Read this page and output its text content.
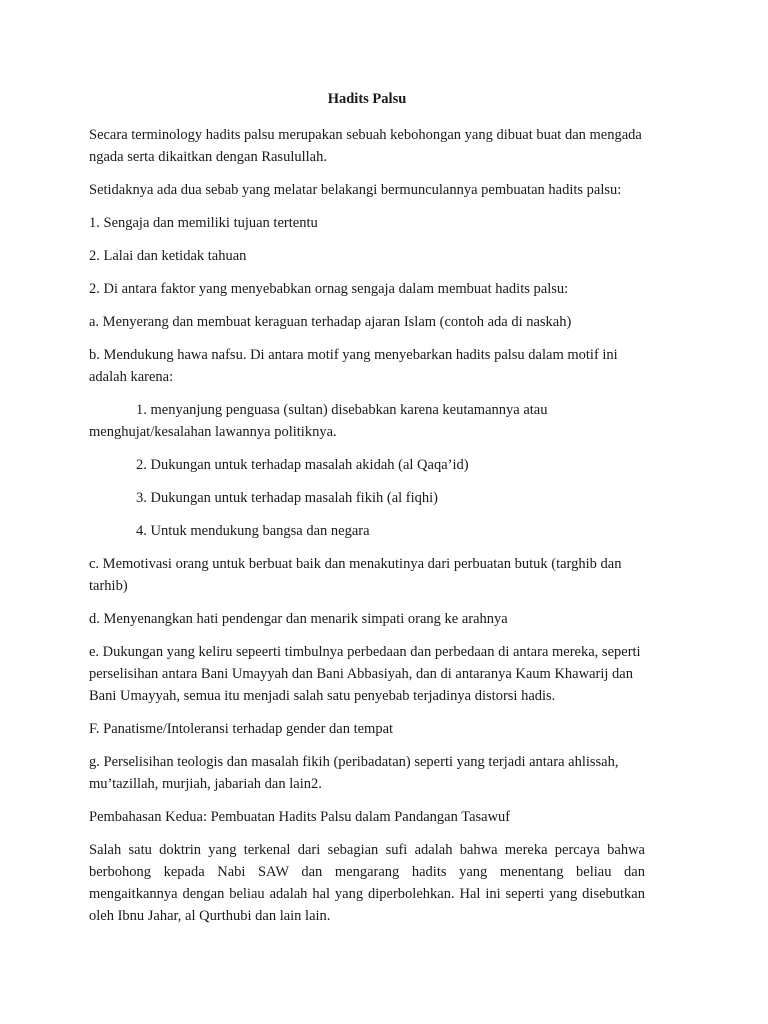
Hadits Palsu

Secara terminology hadits palsu merupakan sebuah kebohongan yang dibuat buat dan mengada ngada serta dikaitkan dengan Rasulullah.

Setidaknya ada dua sebab yang melatar belakangi bermunculannya pembuatan hadits palsu:

1. Sengaja dan memiliki tujuan tertentu

2. Lalai dan ketidak tahuan

2. Di antara faktor yang menyebabkan ornag sengaja dalam membuat hadits palsu:

a. Menyerang dan membuat keraguan terhadap ajaran Islam (contoh ada di naskah)

b. Mendukung hawa nafsu. Di antara motif yang menyebarkan hadits palsu dalam motif ini adalah karena:

1. menyanjung penguasa (sultan) disebabkan karena keutamannya atau menghujat/kesalahan lawannya politiknya.

2. Dukungan untuk terhadap masalah akidah (al Qaqa’id)

3. Dukungan untuk terhadap masalah fikih (al fiqhi)

4. Untuk mendukung bangsa dan negara

c. Memotivasi orang untuk berbuat baik dan menakutinya dari perbuatan butuk (targhib dan tarhib)

d. Menyenangkan hati pendengar dan menarik simpati orang ke arahnya

e. Dukungan yang keliru sepeerti timbulnya perbedaan dan perbedaan di antara mereka, seperti perselisihan antara Bani Umayyah dan Bani Abbasiyah, dan di antaranya Kaum Khawarij dan Bani Umayyah, semua itu menjadi salah satu penyebab terjadinya distorsi hadis.

F. Panatisme/Intoleransi terhadap gender dan tempat

g. Perselisihan teologis dan masalah fikih (peribadatan) seperti yang terjadi antara ahlissah, mu’tazillah, murjiah, jabariah dan lain2.

Pembahasan Kedua: Pembuatan Hadits Palsu dalam Pandangan Tasawuf

Salah satu doktrin yang terkenal dari sebagian sufi adalah bahwa mereka percaya bahwa berbohong kepada Nabi SAW dan mengarang hadits yang menentang beliau dan mengaitkannya dengan beliau adalah hal yang diperbolehkan. Hal ini seperti yang disebutkan oleh Ibnu Jahar, al Qurthubi dan lain lain.
